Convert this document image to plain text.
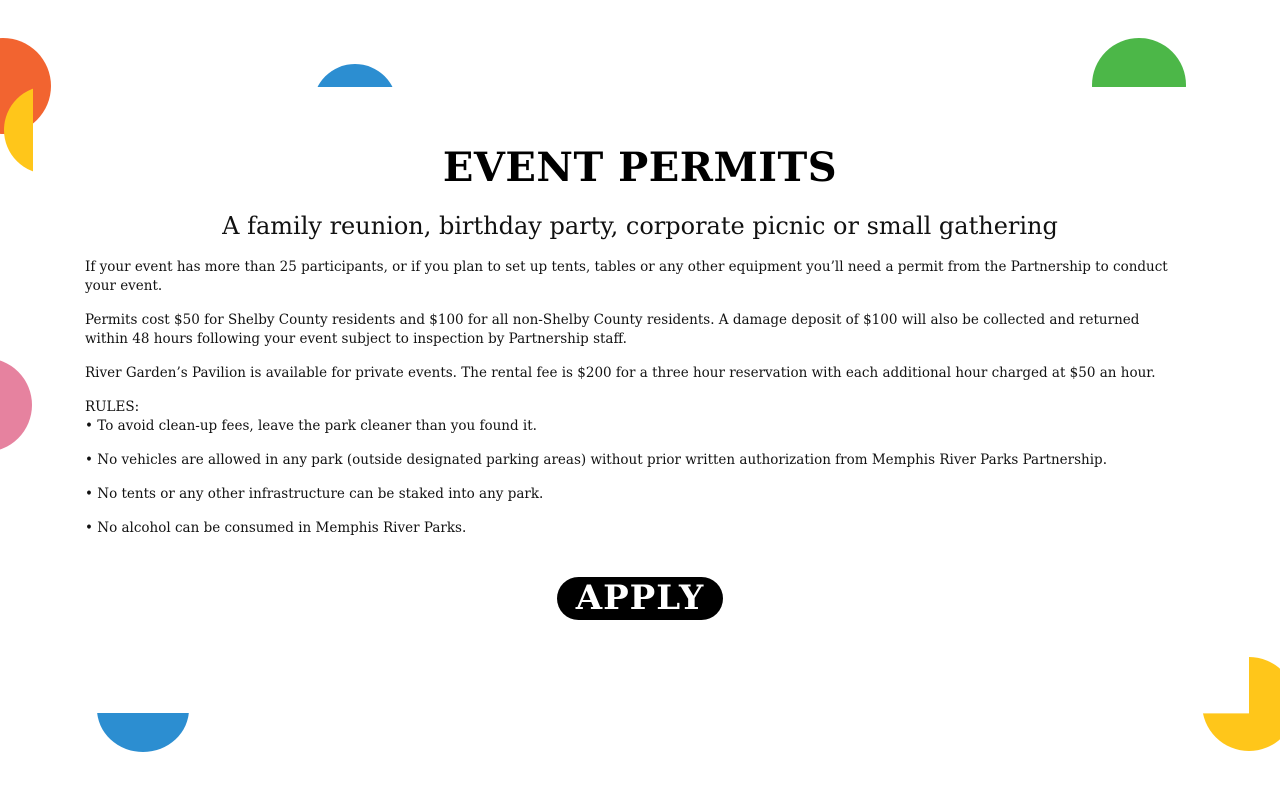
EVENT PERMITS
A family reunion, birthday party, corporate picnic or small gathering

If your event has more than 25 participants, or if you plan to set up tents, tables or any other equipment you’ll need a permit from the Partnership to conduct your event.

Permits cost $50 for Shelby County residents and $100 for all non-Shelby County residents. A damage deposit of $100 will also be collected and returned within 48 hours following your event subject to inspection by Partnership staff.

River Garden’s Pavilion is available for private events. The rental fee is $200 for a three hour reservation with each additional hour charged at $50 an hour.

RULES:
• To avoid clean-up fees, leave the park cleaner than you found it.
• No vehicles are allowed in any park (outside designated parking areas) without prior written authorization from Memphis River Parks Partnership.
• No tents or any other infrastructure can be staked into any park.
• No alcohol can be consumed in Memphis River Parks.
APPLY
